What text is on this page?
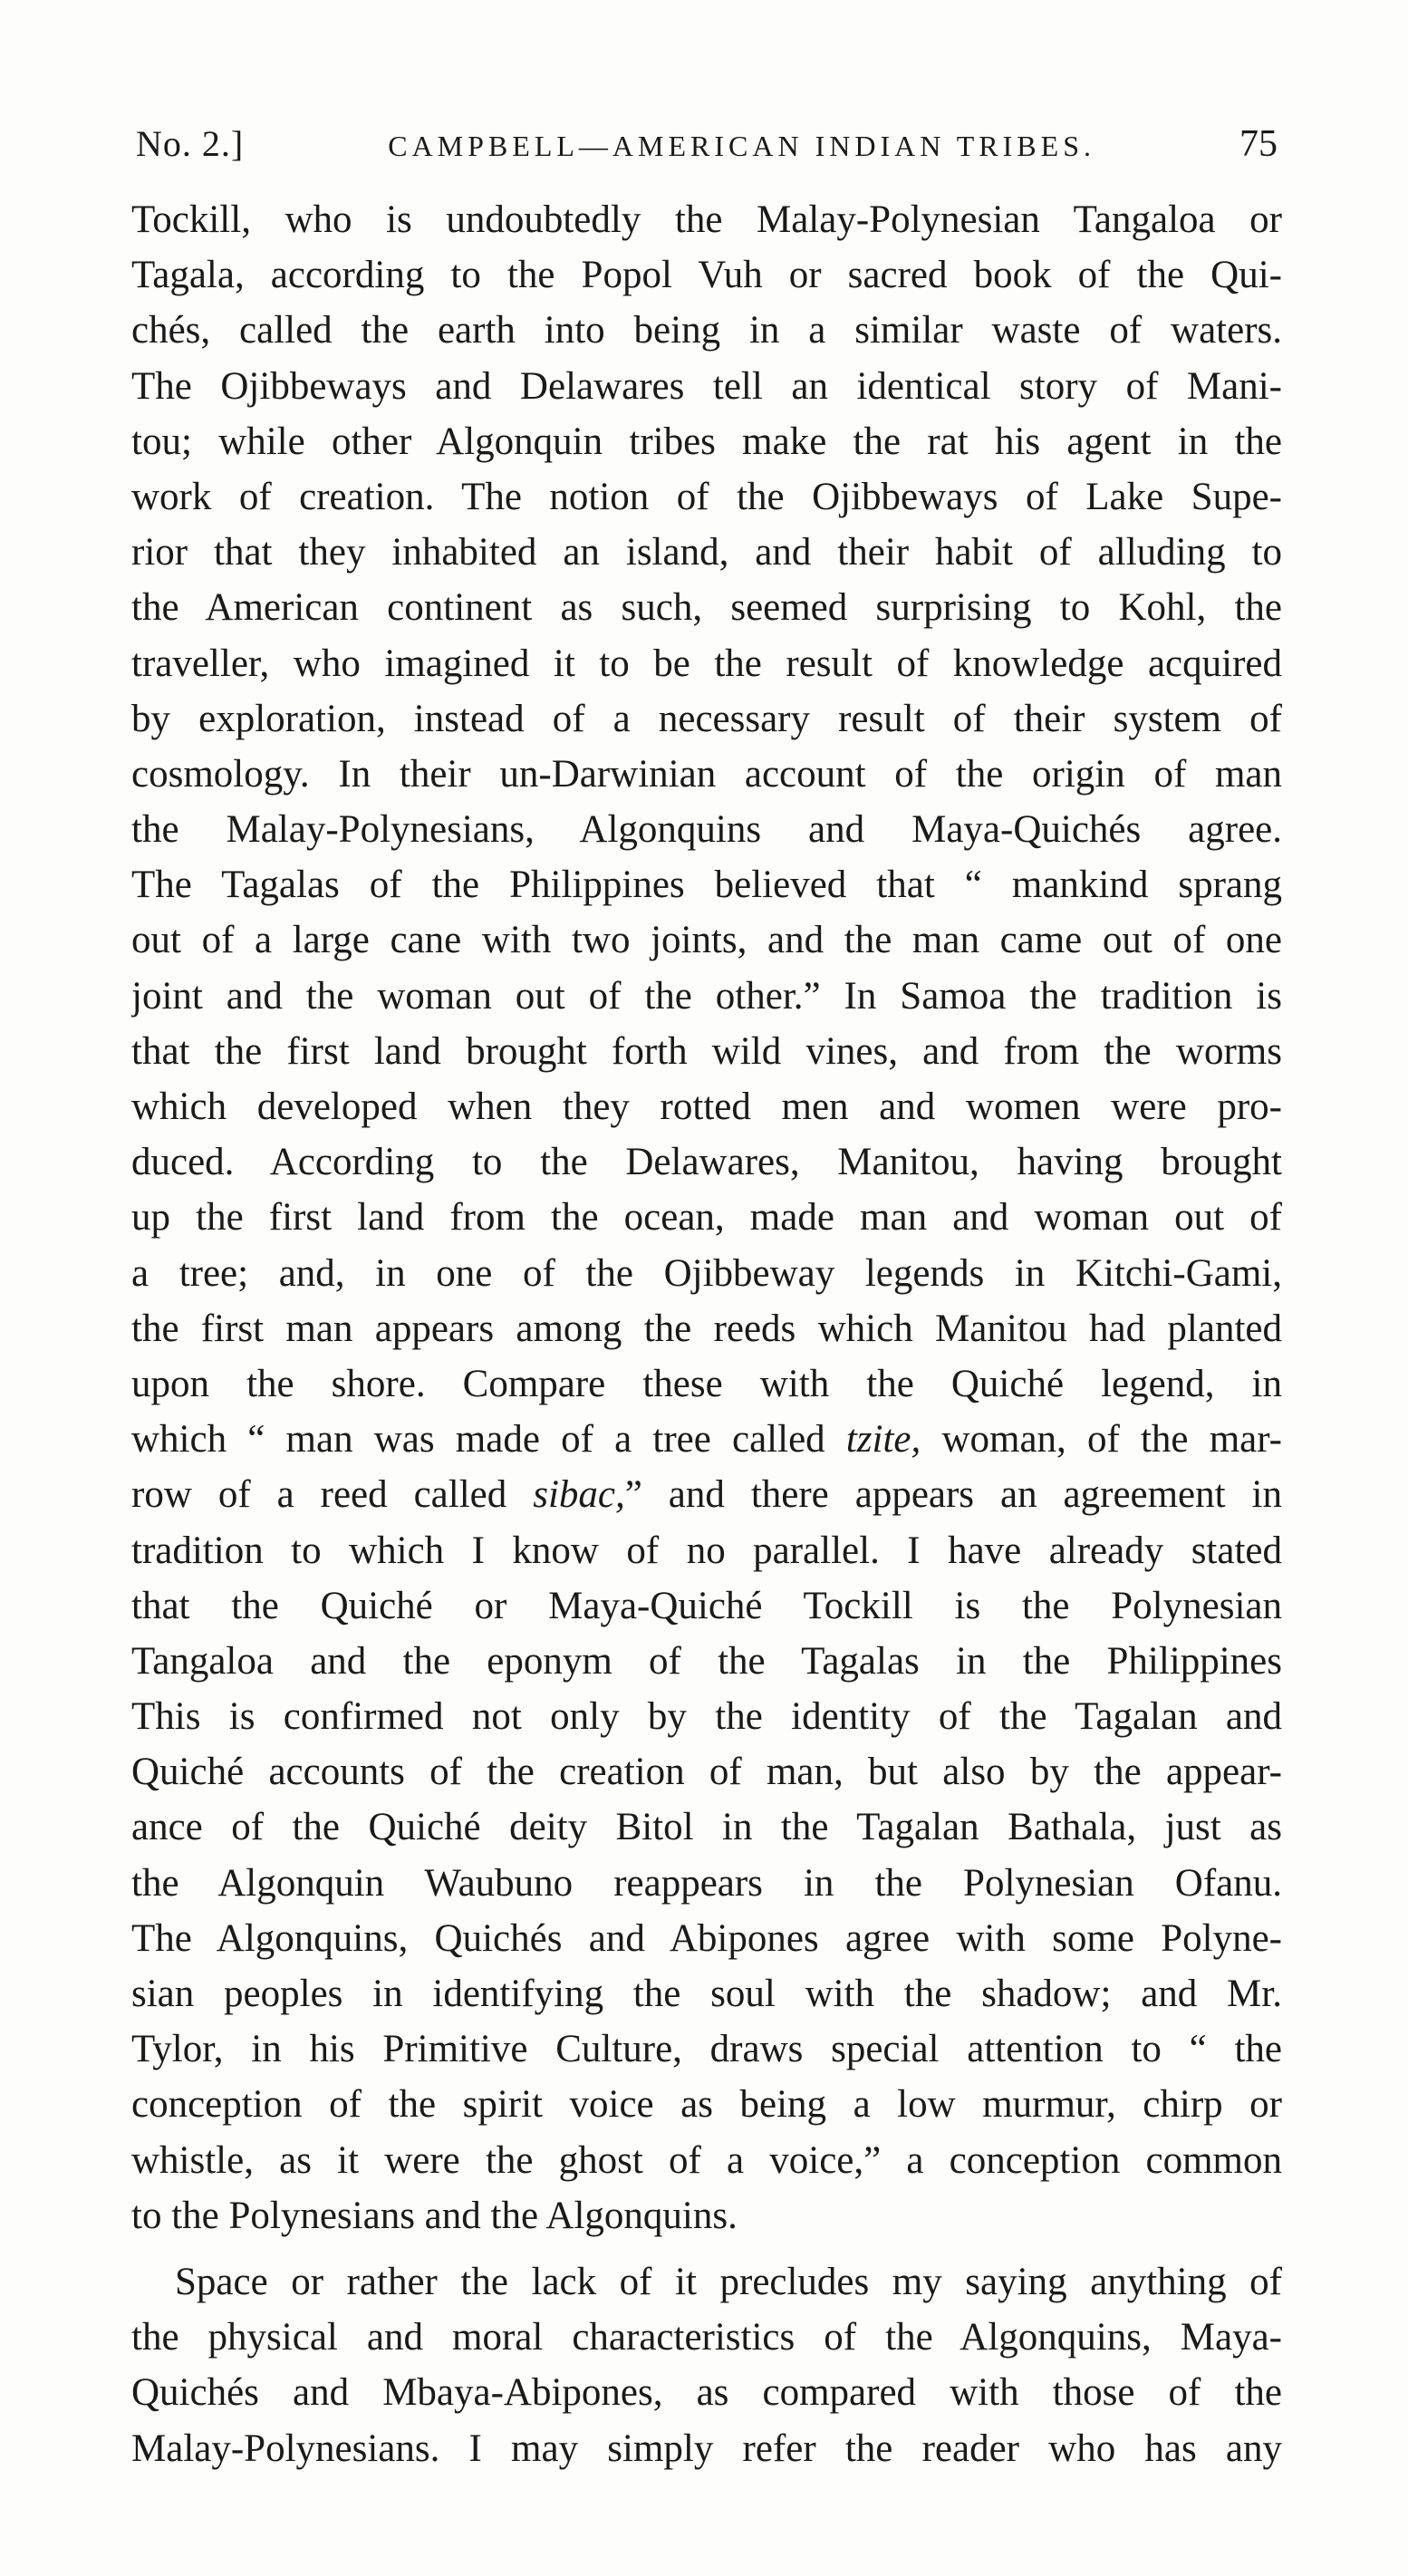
No. 2.]	CAMPBELL—AMERICAN INDIAN TRIBES.	75
Tockill, who is undoubtedly the Malay-Polynesian Tangaloa or
Tagala, according to the Popol Vuh or sacred book of the Qui-
chés, called the earth into being in a similar waste of waters.
The Ojibbeways and Delawares tell an identical story of Mani-
tou; while other Algonquin tribes make the rat his agent in the
work of creation. The notion of the Ojibbeways of Lake Supe-
rior that they inhabited an island, and their habit of alluding to
the American continent as such, seemed surprising to Kohl, the
traveller, who imagined it to be the result of knowledge acquired
by exploration, instead of a necessary result of their system of
cosmology. In their un-Darwinian account of the origin of man
the Malay-Polynesians, Algonquins and Maya-Quichés agree.
The Tagalas of the Philippines believed that “ mankind sprang
out of a large cane with two joints, and the man came out of one
joint and the woman out of the other.” In Samoa the tradition is
that the first land brought forth wild vines, and from the worms
which developed when they rotted men and women were pro-
duced. According to the Delawares, Manitou, having brought
up the first land from the ocean, made man and woman out of
a tree; and, in one of the Ojibbeway legends in Kitchi-Gami,
the first man appears among the reeds which Manitou had planted
upon the shore. Compare these with the Quiché legend, in
which “ man was made of a tree called tzite, woman, of the mar-
row of a reed called sibac,” and there appears an agreement in
tradition to which I know of no parallel. I have already stated
that the Quiché or Maya-Quiché Tockill is the Polynesian
Tangaloa and the eponym of the Tagalas in the Philippines
This is confirmed not only by the identity of the Tagalan and
Quiché accounts of the creation of man, but also by the appear-
ance of the Quiché deity Bitol in the Tagalan Bathala, just as
the Algonquin Waubuno reappears in the Polynesian Ofanu.
The Algonquins, Quichés and Abipones agree with some Polyne-
sian peoples in identifying the soul with the shadow; and Mr.
Tylor, in his Primitive Culture, draws special attention to “ the
conception of the spirit voice as being a low murmur, chirp or
whistle, as it were the ghost of a voice,” a conception common
to the Polynesians and the Algonquins.
Space or rather the lack of it precludes my saying anything of
the physical and moral characteristics of the Algonquins, Maya-
Quichés and Mbaya-Abipones, as compared with those of the
Malay-Polynesians. I may simply refer the reader who has any
